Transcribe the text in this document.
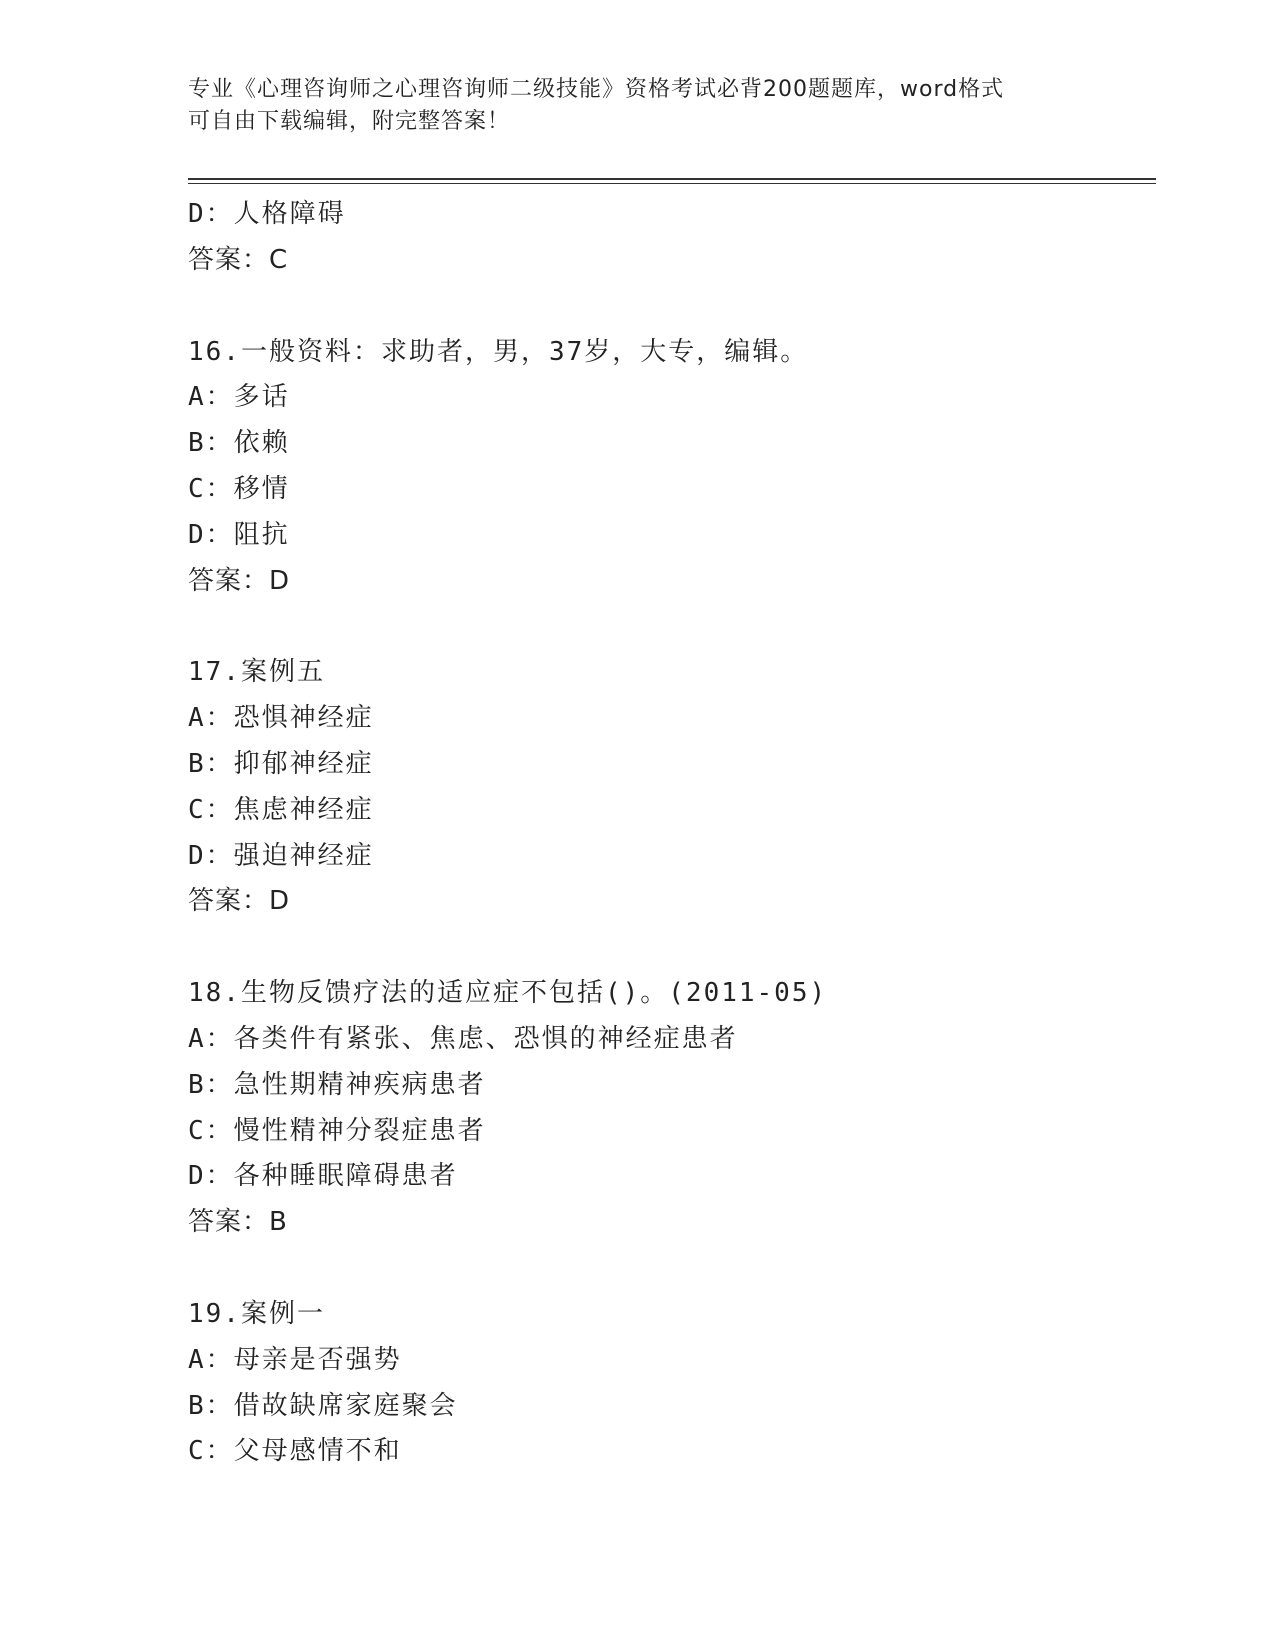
专业《心理咨询师之心理咨询师二级技能》资格考试必背200题题库，word格式
可自由下载编辑，附完整答案！
D：人格障碍
答案：C
16.一般资料：求助者，男，37岁，大专，编辑。
A：多话
B：依赖
C：移情
D：阻抗
答案：D
17.案例五
A：恐惧神经症
B：抑郁神经症
C：焦虑神经症
D：强迫神经症
答案：D
18.生物反馈疗法的适应症不包括()。(2011-05)
A：各类件有紧张、焦虑、恐惧的神经症患者
B：急性期精神疾病患者
C：慢性精神分裂症患者
D：各种睡眠障碍患者
答案：B
19.案例一
A：母亲是否强势
B：借故缺席家庭聚会
C：父母感情不和
